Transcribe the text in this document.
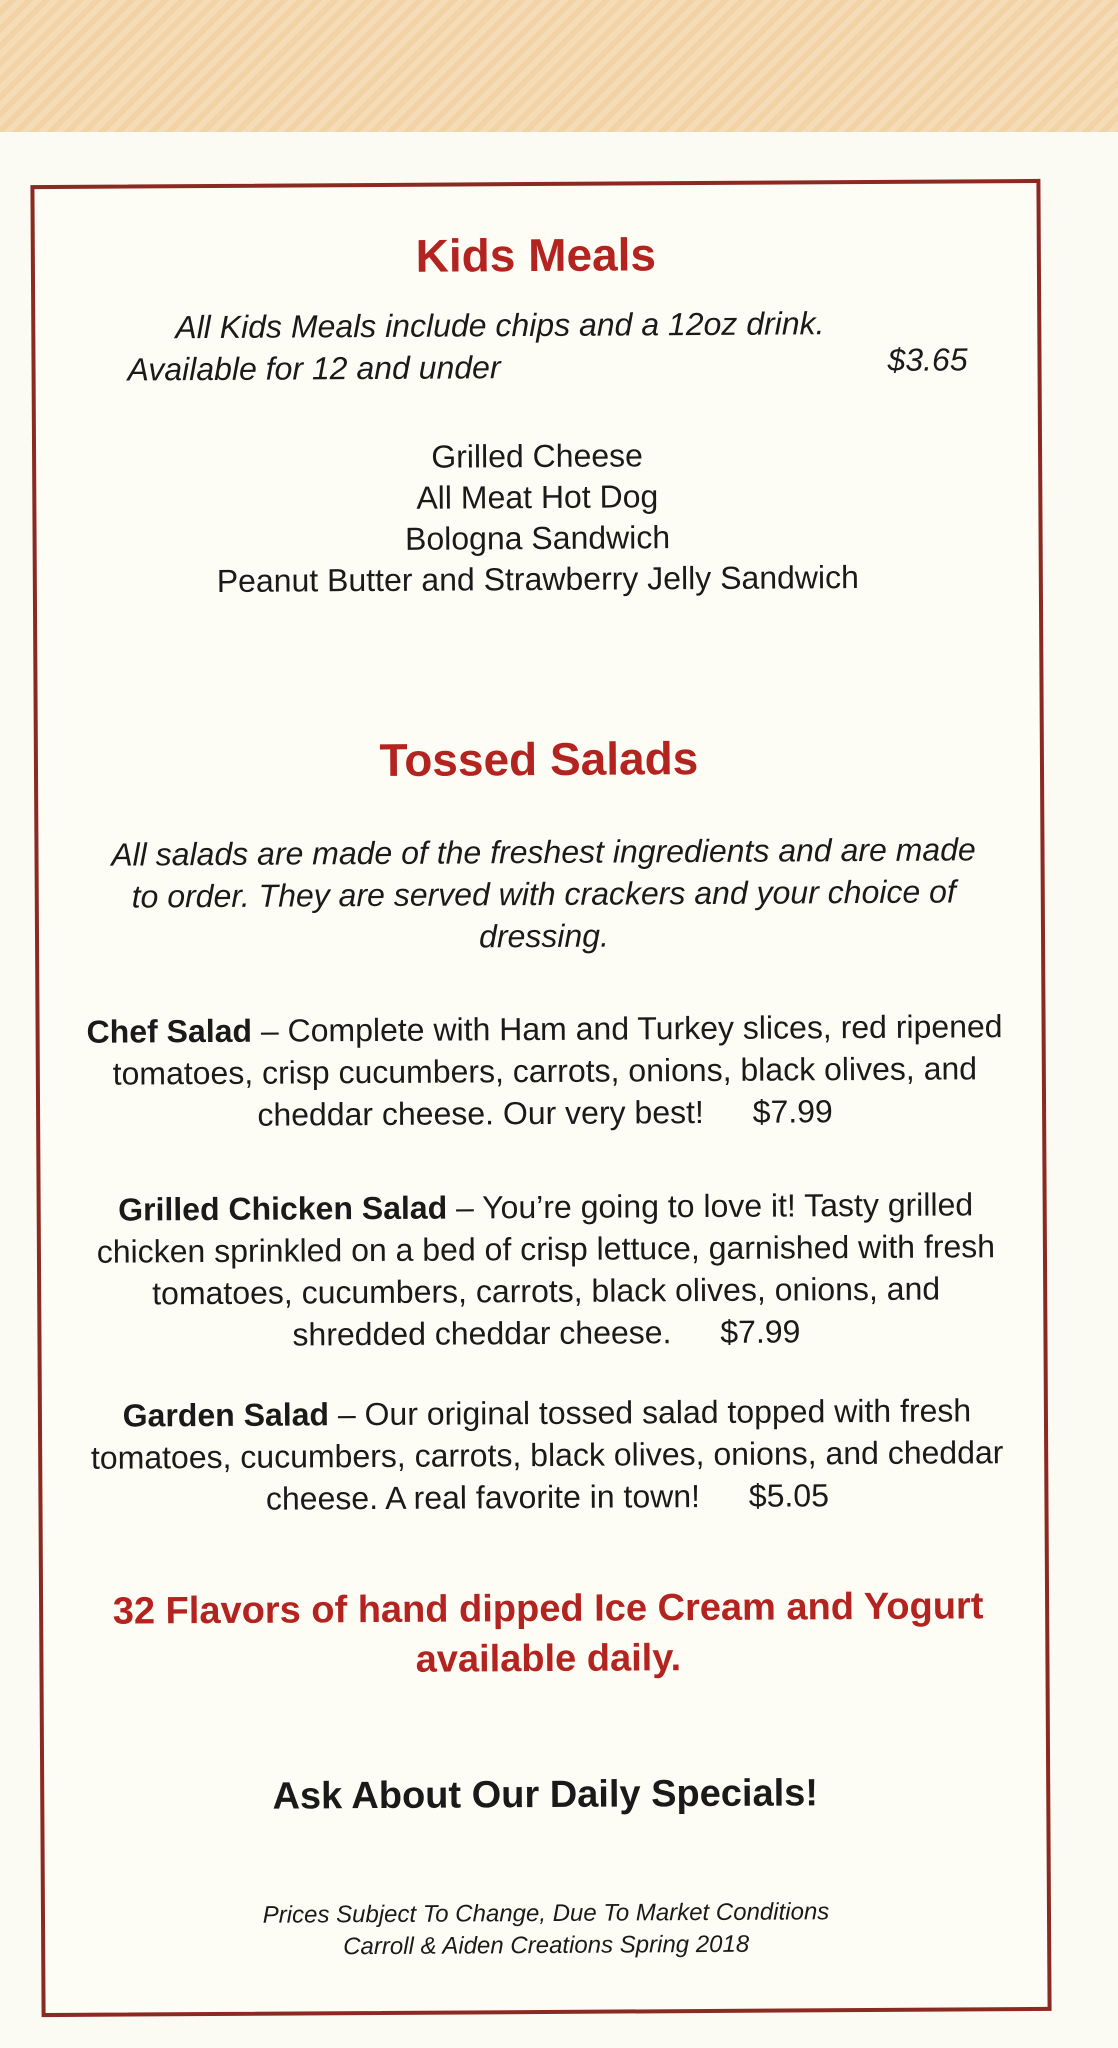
Kids Meals
All Kids Meals include chips and a 12oz drink.
Available for 12 and under	$3.65
Grilled Cheese
All Meat Hot Dog
Bologna Sandwich
Peanut Butter and Strawberry Jelly Sandwich
Tossed Salads
All salads are made of the freshest ingredients and are made to order. They are served with crackers and your choice of dressing.
Chef Salad – Complete with Ham and Turkey slices, red ripened tomatoes, crisp cucumbers, carrots, onions, black olives, and cheddar cheese. Our very best! $7.99
Grilled Chicken Salad – You’re going to love it! Tasty grilled chicken sprinkled on a bed of crisp lettuce, garnished with fresh tomatoes, cucumbers, carrots, black olives, onions, and shredded cheddar cheese. $7.99
Garden Salad – Our original tossed salad topped with fresh tomatoes, cucumbers, carrots, black olives, onions, and cheddar cheese. A real favorite in town! $5.05
32 Flavors of hand dipped Ice Cream and Yogurt available daily.
Ask About Our Daily Specials!
Prices Subject To Change, Due To Market Conditions
Carroll & Aiden Creations Spring 2018
